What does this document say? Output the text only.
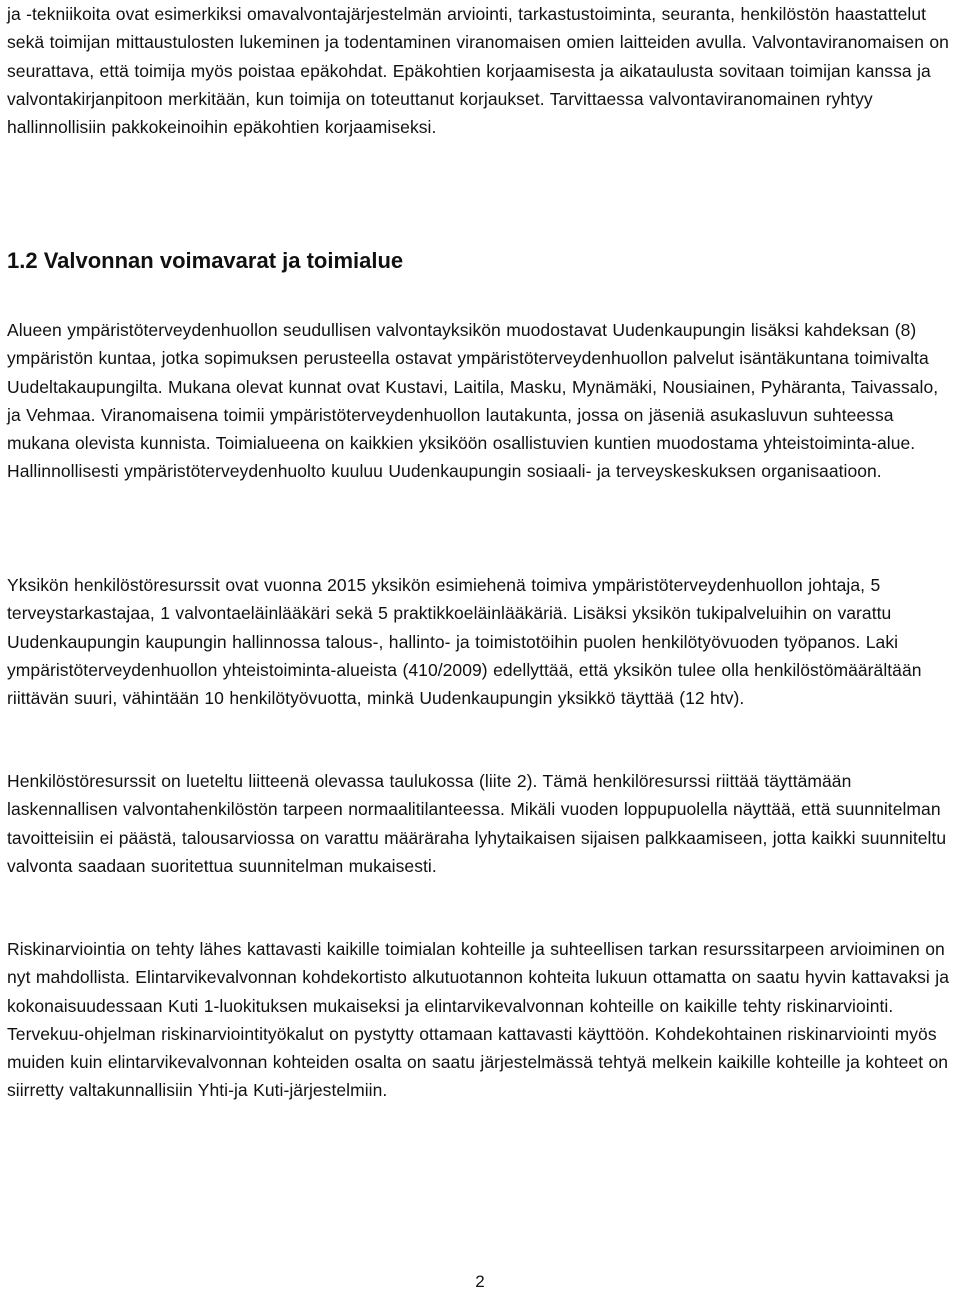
ja -tekniikoita ovat esimerkiksi omavalvontajärjestelmän arviointi, tarkastustoiminta, seuranta, henkilöstön haastattelut sekä toimijan mittaustulosten lukeminen ja todentaminen viranomaisen omien laitteiden avulla. Valvontaviranomaisen on seurattava, että toimija myös poistaa epäkohdat. Epäkohtien korjaamisesta ja aikataulusta sovitaan toimijan kanssa ja valvontakirjanpitoon merkitään, kun toimija on toteuttanut korjaukset. Tarvittaessa valvontaviranomainen ryhtyy hallinnollisiin pakkokeinoihin epäkohtien korjaamiseksi.

1.2 Valvonnan voimavarat ja toimialue

Alueen ympäristöterveydenhuollon seudullisen valvontayksikön muodostavat Uudenkaupungin lisäksi kahdeksan (8) ympäristön kuntaa, jotka sopimuksen perusteella ostavat ympäristöterveydenhuollon palvelut isäntäkuntana toimivalta Uudeltakaupungilta. Mukana olevat kunnat ovat Kustavi, Laitila, Masku, Mynämäki, Nousiainen, Pyhäranta, Taivassalo, ja Vehmaa. Viranomaisena toimii ympäristöterveydenhuollon lautakunta, jossa on jäseniä asukasluvun suhteessa mukana olevista kunnista. Toimialueena on kaikkien yksiköön osallistuvien kuntien muodostama yhteistoiminta-alue. Hallinnollisesti ympäristöterveydenhuolto kuuluu Uudenkaupungin sosiaali- ja terveyskeskuksen organisaatioon.

Yksikön henkilöstöresurssit ovat vuonna 2015 yksikön esimiehenä toimiva ympäristöterveydenhuollon johtaja, 5 terveystarkastajaa, 1 valvontaeläinlääkäri sekä 5 praktikkoeläinlääkäriä. Lisäksi yksikön tukipalveluihin on varattu Uudenkaupungin kaupungin hallinnossa talous-, hallinto- ja toimistotöihin puolen henkilötyövuoden työpanos. Laki ympäristöterveydenhuollon yhteistoiminta-alueista (410/2009) edellyttää, että yksikön tulee olla henkilöstömäärältään riittävän suuri, vähintään 10 henkilötyövuotta, minkä Uudenkaupungin yksikkö täyttää (12 htv).

Henkilöstöresurssit on lueteltu liitteenä olevassa taulukossa (liite 2). Tämä henkilöresurssi riittää täyttämään laskennallisen valvontahenkilöstön tarpeen normaalitilanteessa. Mikäli vuoden loppupuolella näyttää, että suunnitelman tavoitteisiin ei päästä, talousarviossa on varattu määräraha lyhytaikaisen sijaisen palkkaamiseen, jotta kaikki suunniteltu valvonta saadaan suoritettua suunnitelman mukaisesti.

Riskinarviointia on tehty lähes kattavasti kaikille toimialan kohteille ja suhteellisen tarkan resurssitarpeen arvioiminen on nyt mahdollista. Elintarvikevalvonnan kohdekortisto alkutuotannon kohteita lukuun ottamatta on saatu hyvin kattavaksi ja kokonaisuudessaan Kuti 1-luokituksen mukaiseksi ja elintarvikevalvonnan kohteille on kaikille tehty riskinarviointi. Tervekuu-ohjelman riskinarviointityökalut on pystytty ottamaan kattavasti käyttöön. Kohdekohtainen riskinarviointi myös muiden kuin elintarvikevalvonnan kohteiden osalta on saatu järjestelmässä tehtyä melkein kaikille kohteille ja kohteet on siirretty valtakunnallisiin Yhti-ja Kuti-järjestelmiin.

2
